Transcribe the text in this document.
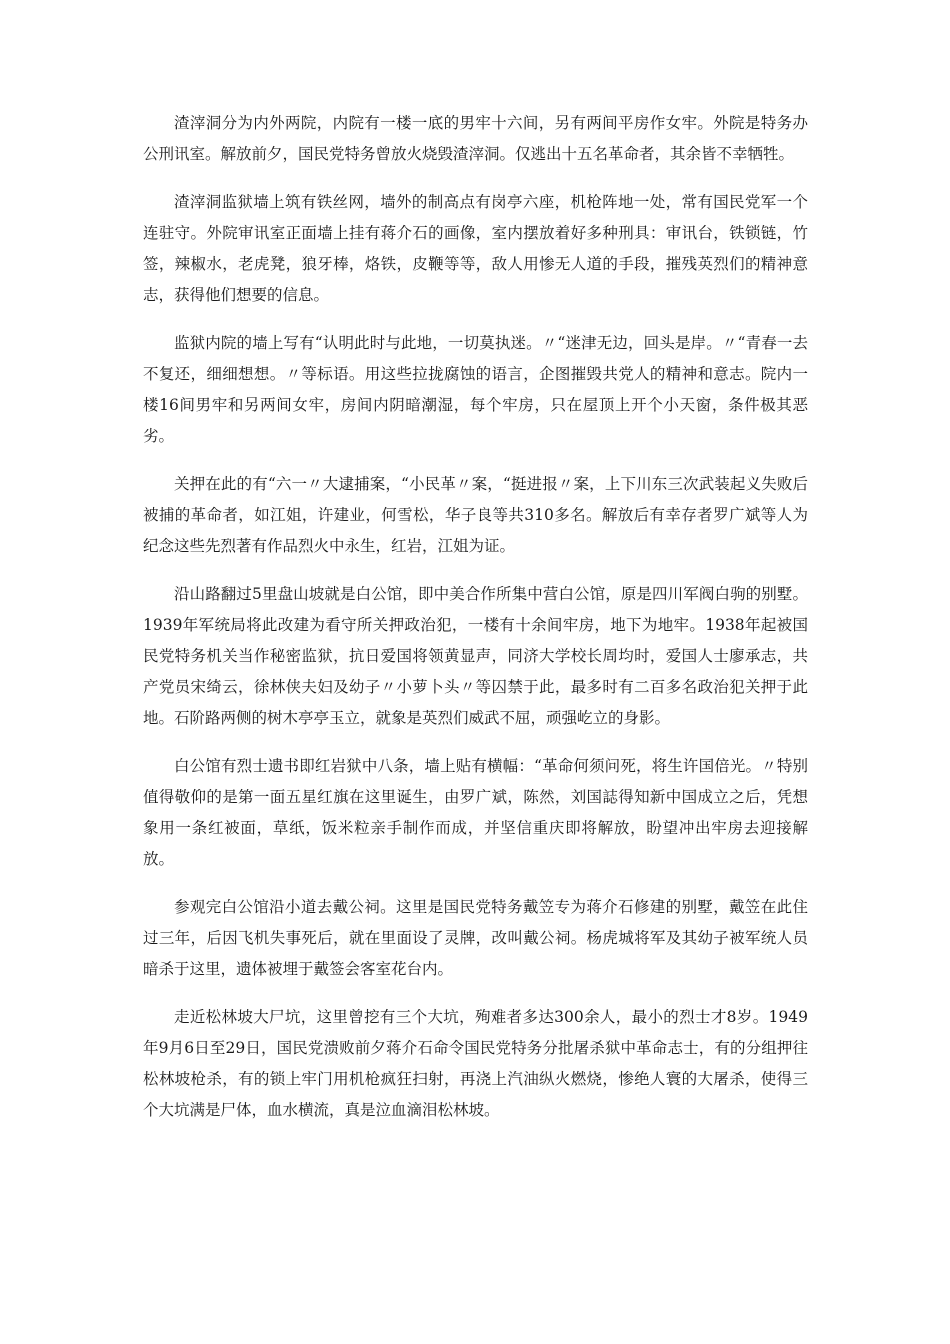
渣滓洞分为内外两院，内院有一楼一底的男牢十六间，另有两间平房作女牢。外院是特务办公刑讯室。解放前夕，国民党特务曾放火烧毁渣滓洞。仅逃出十五名革命者，其余皆不幸牺牲。

渣滓洞监狱墙上筑有铁丝网，墙外的制高点有岗亭六座，机枪阵地一处，常有国民党军一个连驻守。外院审讯室正面墙上挂有蒋介石的画像，室内摆放着好多种刑具：审讯台，铁锁链，竹签，辣椒水，老虎凳，狼牙棒，烙铁，皮鞭等等，敌人用惨无人道的手段，摧残英烈们的精神意志，获得他们想要的信息。

监狱内院的墙上写有“认明此时与此地，一切莫执迷。〃“迷津无边，回头是岸。〃“青春一去不复还，细细想想。〃等标语。用这些拉拢腐蚀的语言，企图摧毁共党人的精神和意志。院内一楼16间男牢和另两间女牢，房间内阴暗潮湿，每个牢房，只在屋顶上开个小天窗，条件极其恶劣。

关押在此的有“六一〃大逮捕案，“小民革〃案，“挺进报〃案，上下川东三次武装起义失败后被捕的革命者，如江姐，许建业，何雪松，华子良等共310多名。解放后有幸存者罗广斌等人为纪念这些先烈著有作品烈火中永生，红岩，江姐为证。

沿山路翻过5里盘山坡就是白公馆，即中美合作所集中营白公馆，原是四川军阀白驹的别墅。1939年军统局将此改建为看守所关押政治犯，一楼有十余间牢房，地下为地牢。1938年起被国民党特务机关当作秘密监狱，抗日爱国将领黄显声，同济大学校长周均时，爱国人士廖承志，共产党员宋绮云，徐林侠夫妇及幼子〃小萝卜头〃等囚禁于此，最多时有二百多名政治犯关押于此地。石阶路两侧的树木亭亭玉立，就象是英烈们威武不屈，顽强屹立的身影。

白公馆有烈士遗书即红岩狱中八条，墙上贴有横幅：“革命何须问死，将生许国倍光。〃特别值得敬仰的是第一面五星红旗在这里诞生，由罗广斌，陈然，刘国誌得知新中国成立之后，凭想象用一条红被面，草纸，饭米粒亲手制作而成，并坚信重庆即将解放，盼望冲出牢房去迎接解放。

参观完白公馆沿小道去戴公祠。这里是国民党特务戴笠专为蒋介石修建的别墅，戴笠在此住过三年，后因飞机失事死后，就在里面设了灵牌，改叫戴公祠。杨虎城将军及其幼子被军统人员暗杀于这里，遗体被埋于戴签会客室花台内。

走近松林坡大尸坑，这里曾挖有三个大坑，殉难者多达300余人，最小的烈士才8岁。1949年9月6日至29日，国民党溃败前夕蒋介石命令国民党特务分批屠杀狱中革命志士，有的分组押往松林坡枪杀，有的锁上牢门用机枪疯狂扫射，再浇上汽油纵火燃烧，惨绝人寰的大屠杀，使得三个大坑满是尸体，血水横流，真是泣血滴泪松林坡。
